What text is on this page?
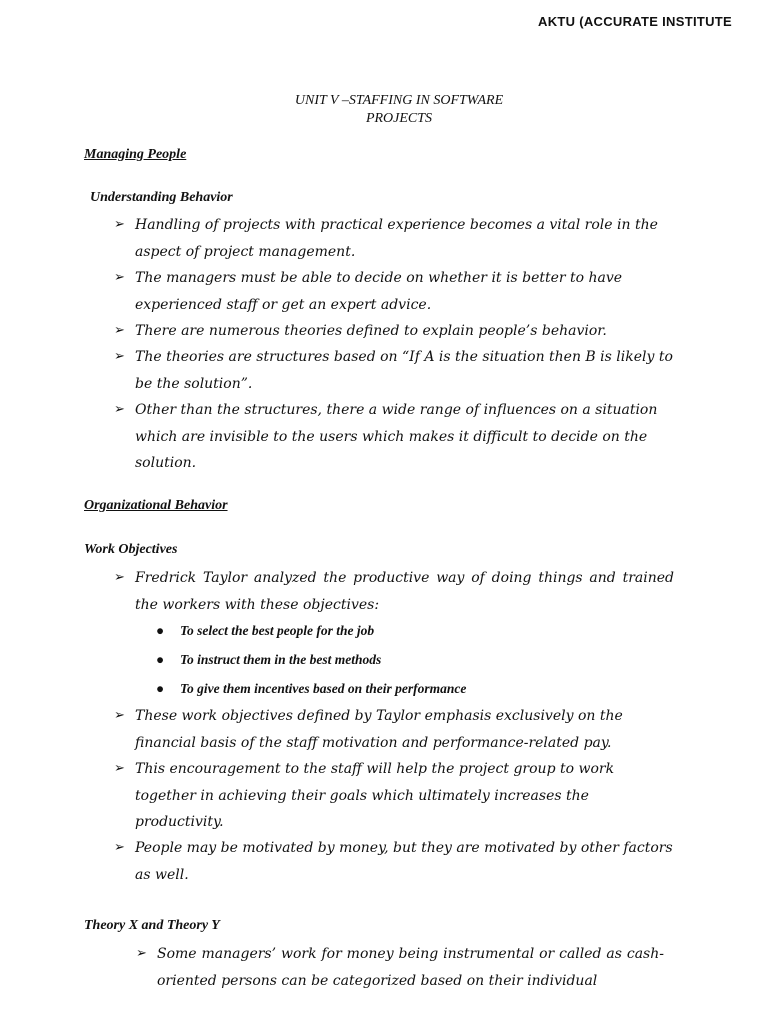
AKTU (ACCURATE INSTITUTE
UNIT V –STAFFING IN SOFTWARE
PROJECTS
Managing People
Understanding Behavior
➢ Handling of projects with practical experience becomes a vital role in the aspect of project management.
➢ The managers must be able to decide on whether it is better to have experienced staff or get an expert advice.
➢ There are numerous theories defined to explain people’s behavior.
➢ The theories are structures based on “If A is the situation then B is likely to be the solution”.
➢ Other than the structures, there a wide range of influences on a situation which are invisible to the users which makes it difficult to decide on the solution.
Organizational Behavior
Work Objectives
➢ Fredrick Taylor analyzed the productive way of doing things and trained the workers with these objectives:
● To select the best people for the job
● To instruct them in the best methods
● To give them incentives based on their performance
➢ These work objectives defined by Taylor emphasis exclusively on the financial basis of the staff motivation and performance-related pay.
➢ This encouragement to the staff will help the project group to work together in achieving their goals which ultimately increases the productivity.
➢ People may be motivated by money, but they are motivated by other factors as well.
Theory X and Theory Y
➢ Some managers’ work for money being instrumental or called as cash- oriented persons can be categorized based on their individual
